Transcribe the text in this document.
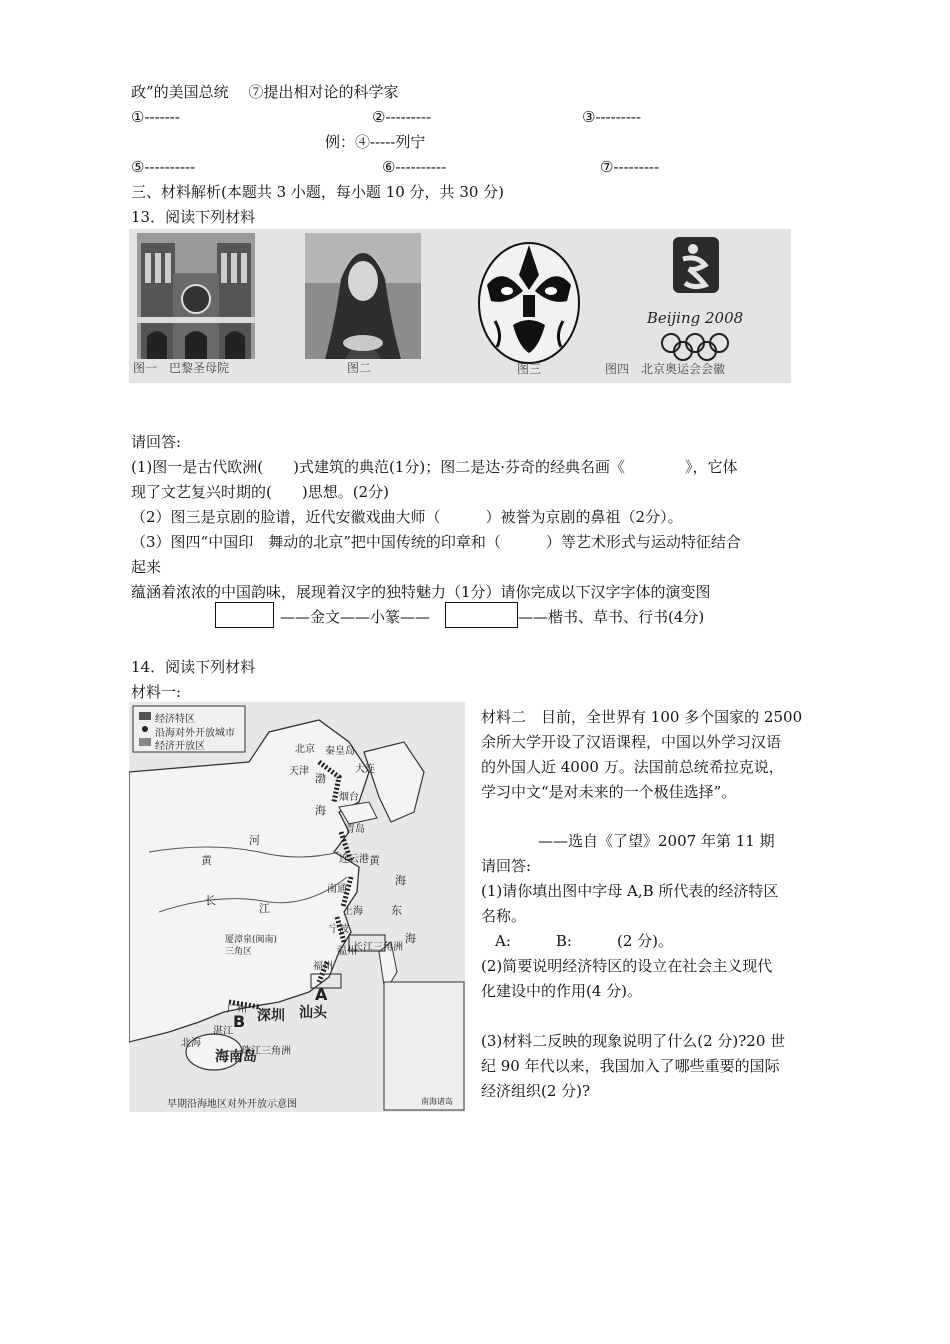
政”的美国总统　 ⑦提出相对论的科学家
①-------	②---------	③---------
例：④-----列宁
⑤----------	⑥----------	⑦---------
三、材料解析(本题共 3 小题，每小题 10 分，共 30 分)
13．阅读下列材料
Beijing 2008
图一　巴黎圣母院	图二	图三	图四　北京奥运会会徽
请回答:
(1)图一是古代欧洲(　　)式建筑的典范(1分)；图二是达·芬奇的经典名画《　　　　》，它体
现了文艺复兴时期的(　　)思想。(2分)
（2）图三是京剧的脸谱，近代安徽戏曲大师（　　　）被誉为京剧的鼻祖（2分）。
（3）图四“中国印　舞动的北京”把中国传统的印章和（　　　）等艺术形式与运动特征结合
起来
蕴涵着浓浓的中国韵味，展现着汉字的独特魅力（1分）请你完成以下汉字字体的演变图
——金文——小篆——	——楷书、草书、行书(4分)
14．阅读下列材料
材料一:
经济特区
沿海对外开放城市
经济开放区	北京 秦皇岛
天津	大连
烟台
青岛
连云港
南通
上海
宁波
温州
福州
广州
湛江
北海
长江三角洲
厦漳泉(闽南)三角区
珠江三角洲
深圳 汕头
海南岛
南海诸岛
渤
海
黄
海
东
海
黄
河
长
江
A
B
早期沿海地区对外开放示意图
材料二　目前，全世界有 100 多个国家的 2500
余所大学开设了汉语课程，中国以外学习汉语
的外国人近 4000 万。法国前总统希拉克说，
学习中文“是对未来的一个极佳选择”。
——选自《了望》2007 年第 11 期
请回答:
(1)请你填出图中字母 A,B 所代表的经济特区
名称。
A:　　　B:　　　(2 分)。
(2)简要说明经济特区的设立在社会主义现代
化建设中的作用(4 分)。
(3)材料二反映的现象说明了什么(2 分)?20 世
纪 90 年代以来，我国加入了哪些重要的国际
经济组织(2 分)?
